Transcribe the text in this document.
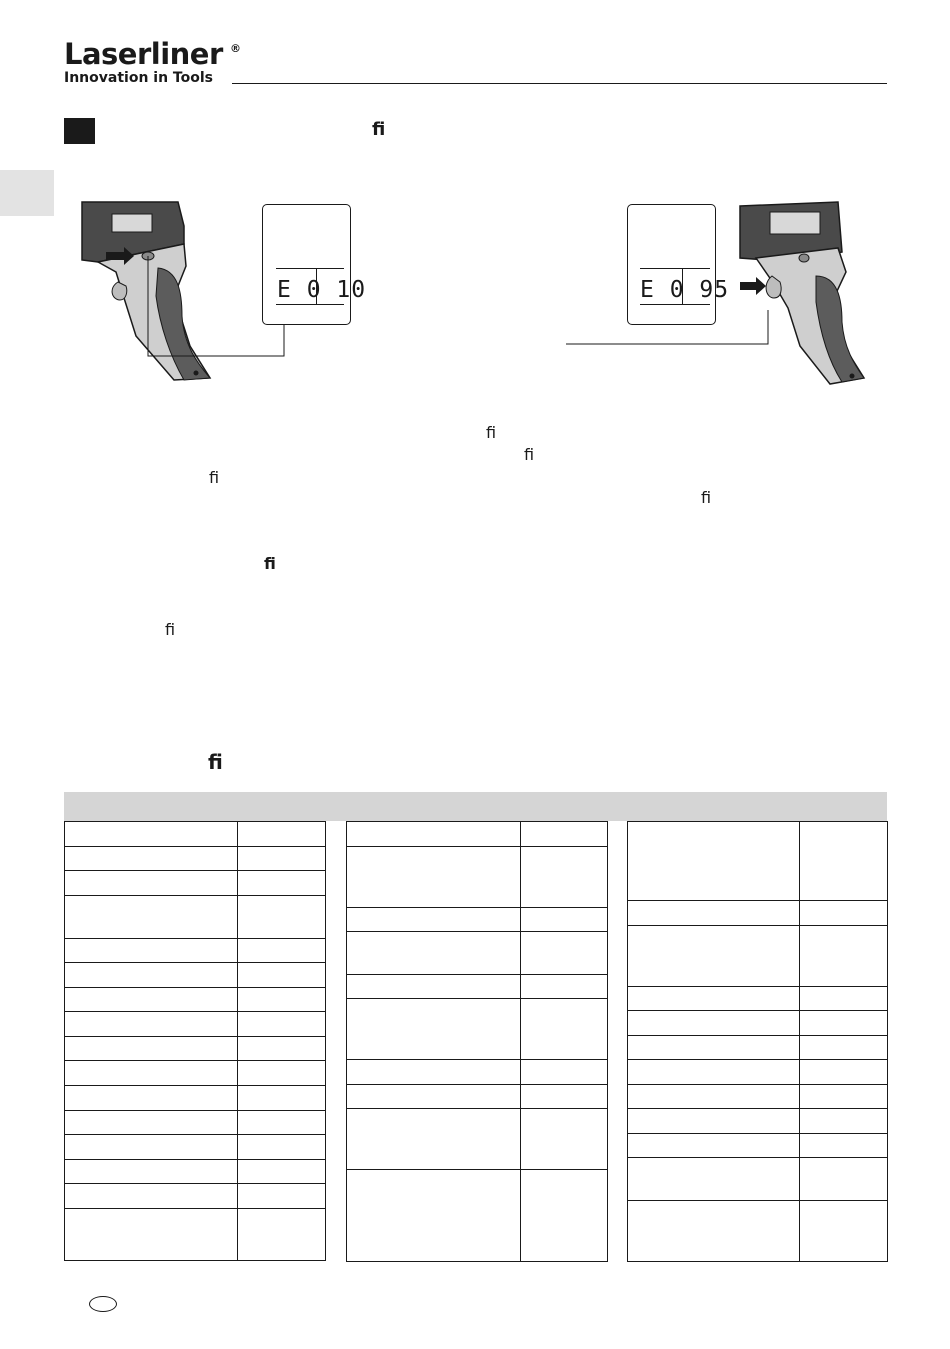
Laserliner ®
Innovation in Tools
fi
E 0 10	E 0 95
fi
fi
fi
fi
fi
fi
fi
